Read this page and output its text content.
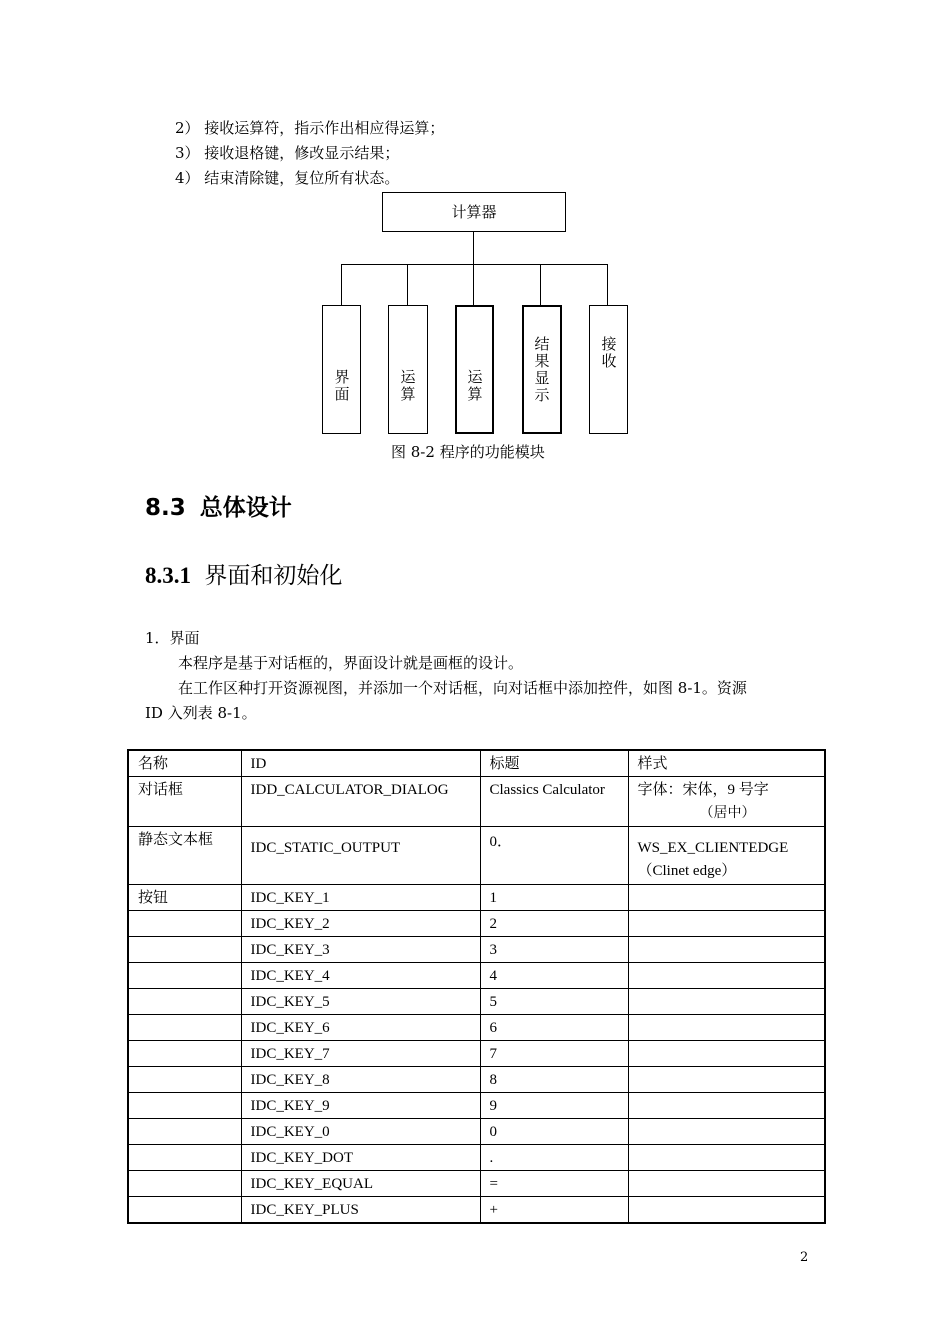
2） 接收运算符，指示作出相应得运算；
3） 接收退格键，修改显示结果；
4） 结束清除键，复位所有状态。
计算器
界面
运算
运算
结果显示
接收
图 8-2 程序的功能模块
8.3 总体设计
8.3.1 界面和初始化
1．界面
本程序是基于对话框的，界面设计就是画框的设计。
在工作区种打开资源视图，并添加一个对话框，向对话框中添加控件，如图 8-1。资源
ID 入列表 8-1。
名称	ID	标题	样式
对话框	IDD_CALCULATOR_DIALOG	Classics Calculator	字体：宋体，9 号字
（居中）

静态文本框	IDC_STATIC_OUTPUT	0．	WS_EX_CLIENTEDGE
（Clinet edge）

按钮	IDC_KEY_1	1	
	IDC_KEY_2	2	
	IDC_KEY_3	3	
	IDC_KEY_4	4	
	IDC_KEY_5	5	
	IDC_KEY_6	6	
	IDC_KEY_7	7	
	IDC_KEY_8	8	
	IDC_KEY_9	9	
	IDC_KEY_0	0	
	IDC_KEY_DOT	.	
	IDC_KEY_EQUAL	=	
	IDC_KEY_PLUS	+	
2
